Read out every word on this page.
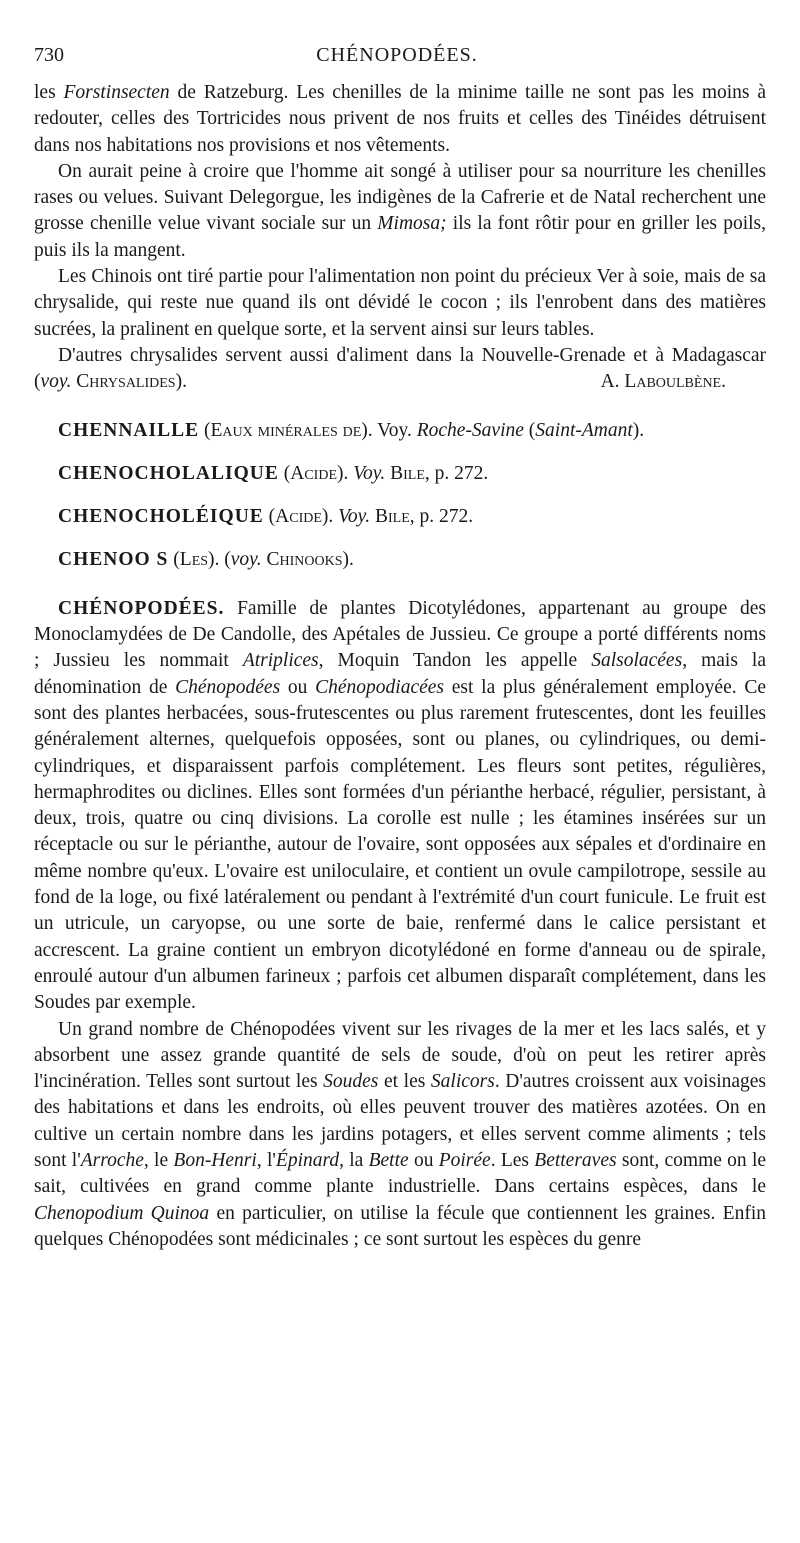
730	CHÉNOPODÉES.

les Forstinsecten de Ratzeburg. Les chenilles de la minime taille ne sont pas les moins à redouter, celles des Tortricides nous privent de nos fruits et celles des Tinéides détruisent dans nos habitations nos provisions et nos vêtements.

On aurait peine à croire que l'homme ait songé à utiliser pour sa nourriture les chenilles rases ou velues. Suivant Delegorgue, les indigènes de la Cafrerie et de Natal recherchent une grosse chenille velue vivant sociale sur un Mimosa; ils la font rôtir pour en griller les poils, puis ils la mangent.

Les Chinois ont tiré partie pour l'alimentation non point du précieux Ver à soie, mais de sa chrysalide, qui reste nue quand ils ont dévidé le cocon ; ils l'enrobent dans des matières sucrées, la pralinent en quelque sorte, et la servent ainsi sur leurs tables.

D'autres chrysalides servent aussi d'aliment dans la Nouvelle-Grenade et à Madagascar (voy. Chrysalides).	A. Laboulbène.

CHENNAILLE (Eaux minérales de). Voy. Roche-Savine (Saint-Amant).

CHENOCHOLALIQUE (Acide). Voy. Bile, p. 272.

CHENOCHOLÉIQUE (Acide). Voy. Bile, p. 272.

CHENOO S (Les). (voy. Chinooks).

CHÉNOPODÉES. Famille de plantes Dicotylédones, appartenant au groupe des Monoclamydées de De Candolle, des Apétales de Jussieu. Ce groupe a porté différents noms ; Jussieu les nommait Atriplices, Moquin Tandon les appelle Salsolacées, mais la dénomination de Chénopodées ou Chénopodiacées est la plus généralement employée. Ce sont des plantes herbacées, sous-frutescentes ou plus rarement frutescentes, dont les feuilles généralement alternes, quelquefois opposées, sont ou planes, ou cylindriques, ou demi-cylindriques, et disparaissent parfois complétement. Les fleurs sont petites, régulières, hermaphrodites ou diclines. Elles sont formées d'un périanthe herbacé, régulier, persistant, à deux, trois, quatre ou cinq divisions. La corolle est nulle ; les étamines insérées sur un réceptacle ou sur le périanthe, autour de l'ovaire, sont opposées aux sépales et d'ordinaire en même nombre qu'eux. L'ovaire est uniloculaire, et contient un ovule campilotrope, sessile au fond de la loge, ou fixé latéralement ou pendant à l'extrémité d'un court funicule. Le fruit est un utricule, un caryopse, ou une sorte de baie, renfermé dans le calice persistant et accrescent. La graine contient un embryon dicotylédoné en forme d'anneau ou de spirale, enroulé autour d'un albumen farineux ; parfois cet albumen disparaît complétement, dans les Soudes par exemple.

Un grand nombre de Chénopodées vivent sur les rivages de la mer et les lacs salés, et y absorbent une assez grande quantité de sels de soude, d'où on peut les retirer après l'incinération. Telles sont surtout les Soudes et les Salicors. D'autres croissent aux voisinages des habitations et dans les endroits, où elles peuvent trouver des matières azotées. On en cultive un certain nombre dans les jardins potagers, et elles servent comme aliments ; tels sont l'Arroche, le Bon-Henri, l'Épinard, la Bette ou Poirée. Les Betteraves sont, comme on le sait, cultivées en grand comme plante industrielle. Dans certains espèces, dans le Chenopodium Quinoa en particulier, on utilise la fécule que contiennent les graines. Enfin quelques Chénopodées sont médicinales ; ce sont surtout les espèces du genre
